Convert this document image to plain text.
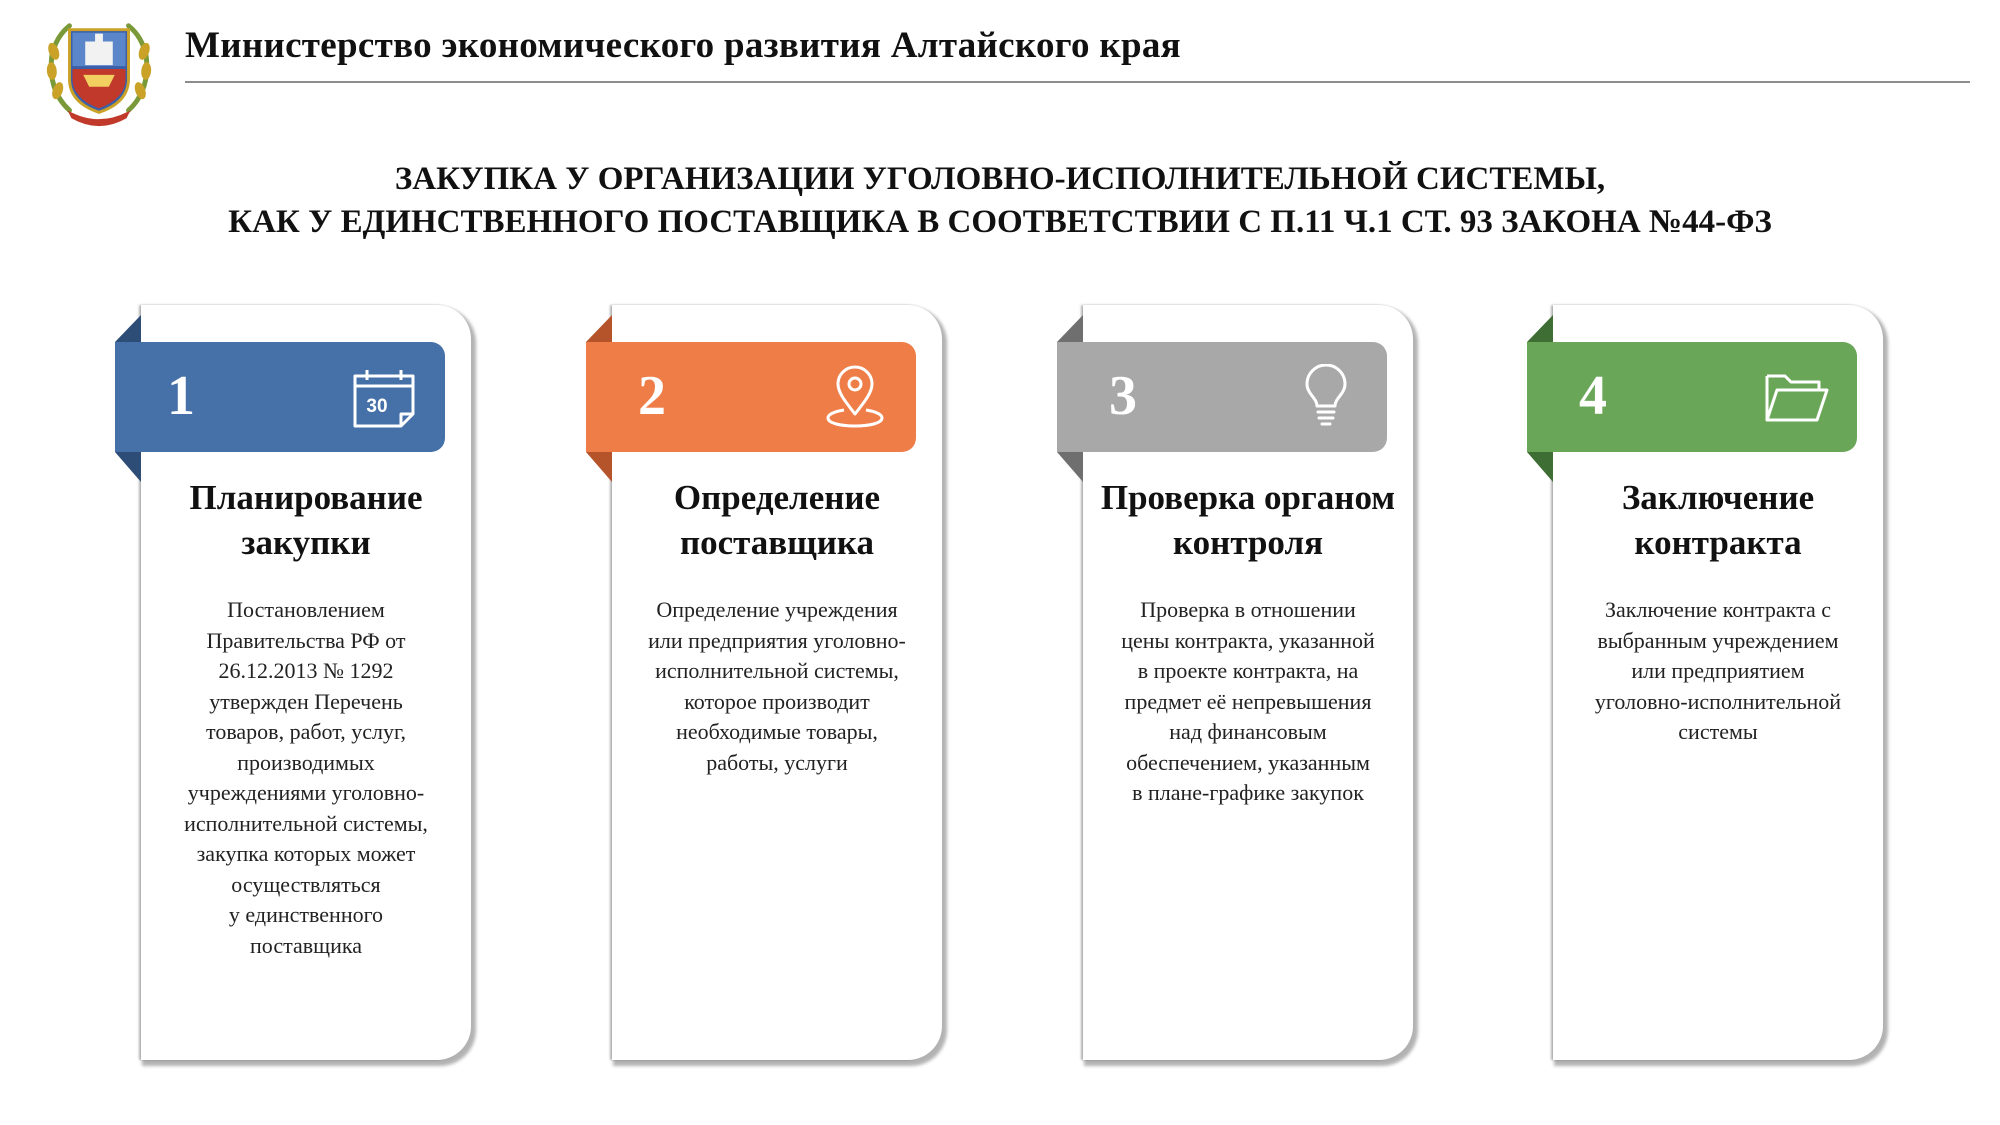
Министерство экономического развития Алтайского края
ЗАКУПКА У ОРГАНИЗАЦИИ УГОЛОВНО-ИСПОЛНИТЕЛЬНОЙ СИСТЕМЫ,
КАК У ЕДИНСТВЕННОГО ПОСТАВЩИКА В СООТВЕТСТВИИ С П.11 Ч.1 СТ. 93 ЗАКОНА №44-ФЗ
1	30
Планирование
закупки
Постановлением
Правительства РФ от
26.12.2013 № 1292
утвержден Перечень
товаров, работ, услуг,
производимых
учреждениями уголовно-
исполнительной системы,
закупка которых может
осуществляться
у единственного
поставщика
2
Определение
поставщика
Определение учреждения
или предприятия уголовно-
исполнительной системы,
которое производит
необходимые товары,
работы, услуги
3
Проверка органом
контроля
Проверка в отношении
цены контракта, указанной
в проекте контракта, на
предмет её непревышения
над финансовым
обеспечением, указанным
в плане-графике закупок
4
Заключение
контракта
Заключение контракта с
выбранным учреждением
или предприятием
уголовно-исполнительной
системы
